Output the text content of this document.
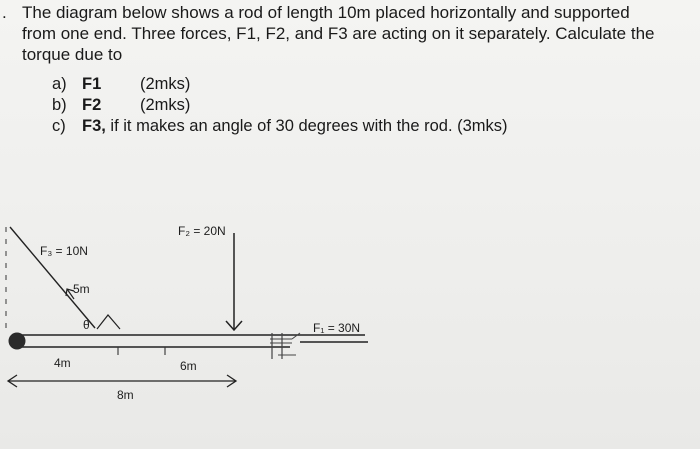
. The diagram below shows a rod of length 10m placed horizontally and supported

from one end. Three forces, F1, F2, and F3 are acting on it separately. Calculate the

torque due to

a) F1	(2mks)
b) F2	(2mks)
c) F3, if it makes an angle of 30 degrees with the rod. (3mks)
F₁ = 30N
F₂ = 20N
F₃ = 10N
5m
θ
4m	6m
8m
